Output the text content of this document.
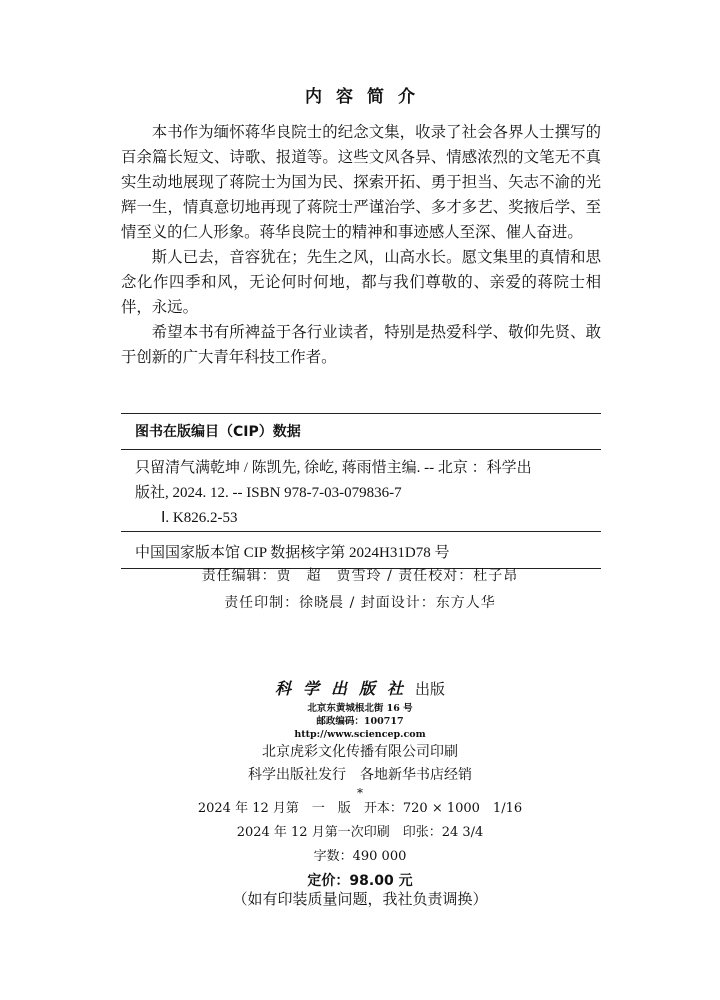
内容简介

本书作为缅怀蒋华良院士的纪念文集，收录了社会各界人士撰写的百余篇长短文、诗歌、报道等。这些文风各异、情感浓烈的文笔无不真实生动地展现了蒋院士为国为民、探索开拓、勇于担当、矢志不渝的光辉一生，情真意切地再现了蒋院士严谨治学、多才多艺、奖掖后学、至情至义的仁人形象。蒋华良院士的精神和事迹感人至深、催人奋进。

斯人已去，音容犹在；先生之风，山高水长。愿文集里的真情和思念化作四季和风，无论何时何地，都与我们尊敬的、亲爱的蒋院士相伴，永远。

希望本书有所裨益于各行业读者，特别是热爱科学、敬仰先贤、敢于创新的广大青年科技工作者。

图书在版编目（CIP）数据
只留清气满乾坤 / 陈凯先, 徐屹, 蒋雨惜主编. -- 北京 ：科学出
版社, 2024. 12. -- ISBN 978-7-03-079836-7
Ⅰ. K826.2-53
中国国家版本馆 CIP 数据核字第 2024H31D78 号
责任编辑：贾　超　贾雪玲 / 责任校对：杜子昂
责任印制：徐晓晨 / 封面设计：东方人华
科学出版社出版
北京东黄城根北街 16 号
邮政编码：100717
http://www.sciencep.com
北京虎彩文化传播有限公司印刷
科学出版社发行　各地新华书店经销
*
2024 年 12 月第　一　版　开本：720 × 1000　1/16
2024 年 12 月第一次印刷　印张：24 3/4
字数：490 000
定价：98.00 元
（如有印装质量问题，我社负责调换）
